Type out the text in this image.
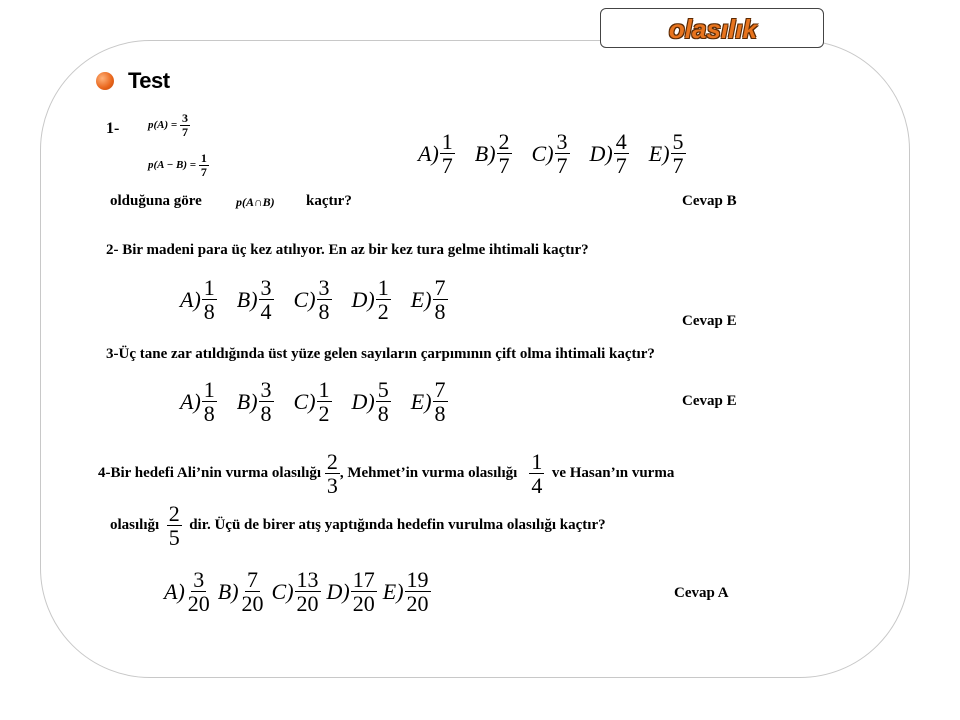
olasılık
Test
1-	p(A) =
$\frac{3}{7}$
p(A − B) =
$\frac{1}{7}$
olduğuna göre	p(A∩B) kaçtır?
$A) \frac{1}{7} B) \frac{2}{7} C) \frac{3}{7} D) \frac{4}{7} E) \frac{5}{7}$
Cevap B
2- Bir madeni para üç kez atılıyor. En az bir kez tura gelme ihtimali kaçtır?
$A) \frac{1}{8} B) \frac{3}{4} C) \frac{3}{8} D) \frac{1}{2} E) \frac{7}{8}$	Cevap E
3-Üç tane zar atıldığında üst yüze gelen sayıların çarpımının çift olma ihtimali kaçtır?
$A) \frac{1}{8} B) \frac{3}{8} C) \frac{1}{2} D) \frac{5}{8} E) \frac{7}{8}$	Cevap E
4-Bir hedefi Ali’nin vurma olasılığı
$\frac{2}{3}$ , Mehmet’in vurma olasılığı $\frac{1}{4}$
ve Hasan’ın vurma
olasılığı
$\frac{2}{5}$
dir. Üçü de birer atış yaptığında hedefin vurulma olasılığı kaçtır?
$A) \frac{3}{20} B) \frac{7}{20} C) \frac{13}{20} D) \frac{17}{20} E) \frac{19}{20}$	Cevap A
